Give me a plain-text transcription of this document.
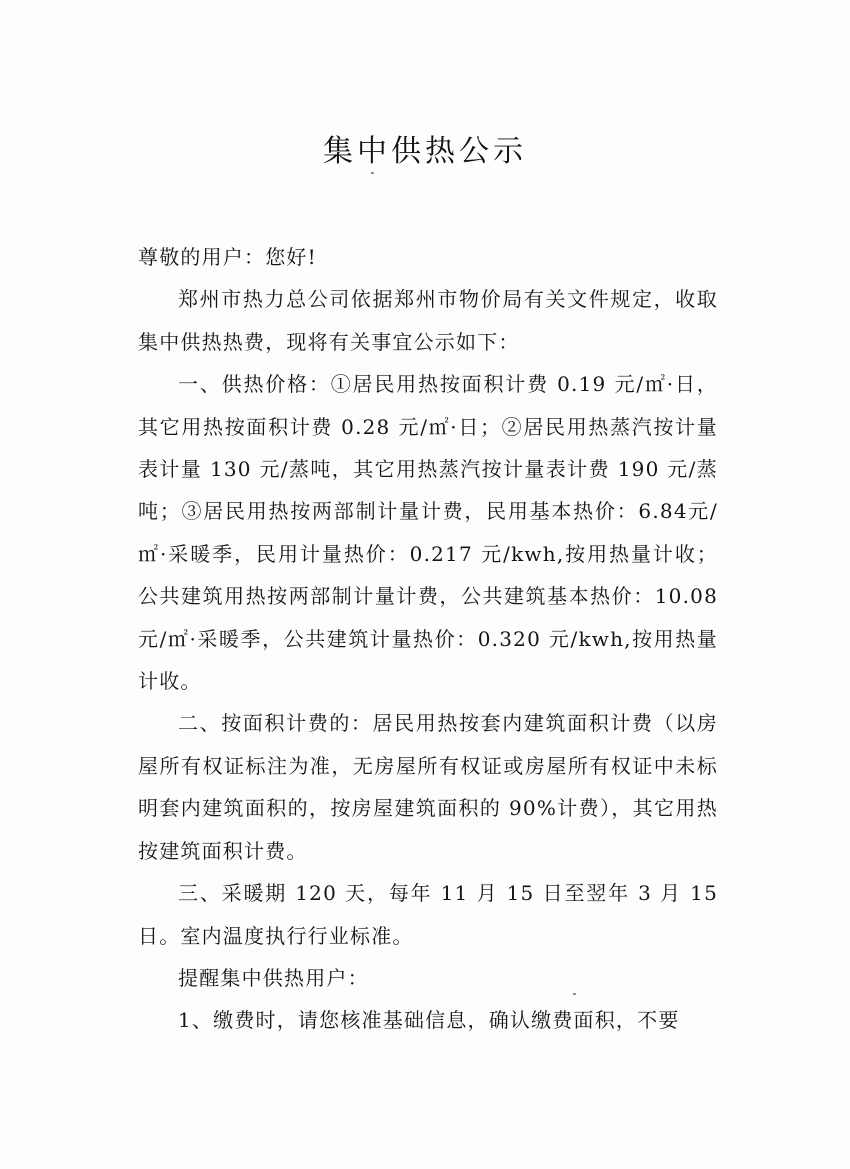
集中供热公示

尊敬的用户：您好!

郑州市热力总公司依据郑州市物价局有关文件规定，收取集中供热热费，现将有关事宜公示如下：

一、供热价格：①居民用热按面积计费 0.19 元/㎡·日，其它用热按面积计费 0.28 元/㎡·日；②居民用热蒸汽按计量表计量 130 元/蒸吨，其它用热蒸汽按计量表计费 190 元/蒸吨；③居民用热按两部制计量计费，民用基本热价：6.84元/㎡·采暖季，民用计量热价：0.217 元/kwh,按用热量计收；公共建筑用热按两部制计量计费，公共建筑基本热价：10.08 元/㎡·采暖季，公共建筑计量热价：0.320 元/kwh,按用热量计收。

二、按面积计费的：居民用热按套内建筑面积计费（以房屋所有权证标注为准，无房屋所有权证或房屋所有权证中未标明套内建筑面积的，按房屋建筑面积的 90%计费），其它用热按建筑面积计费。

三、采暖期 120 天，每年 11 月 15 日至翌年 3 月 15 日。室内温度执行行业标准。

提醒集中供热用户：

1、缴费时，请您核准基础信息，确认缴费面积，不要
